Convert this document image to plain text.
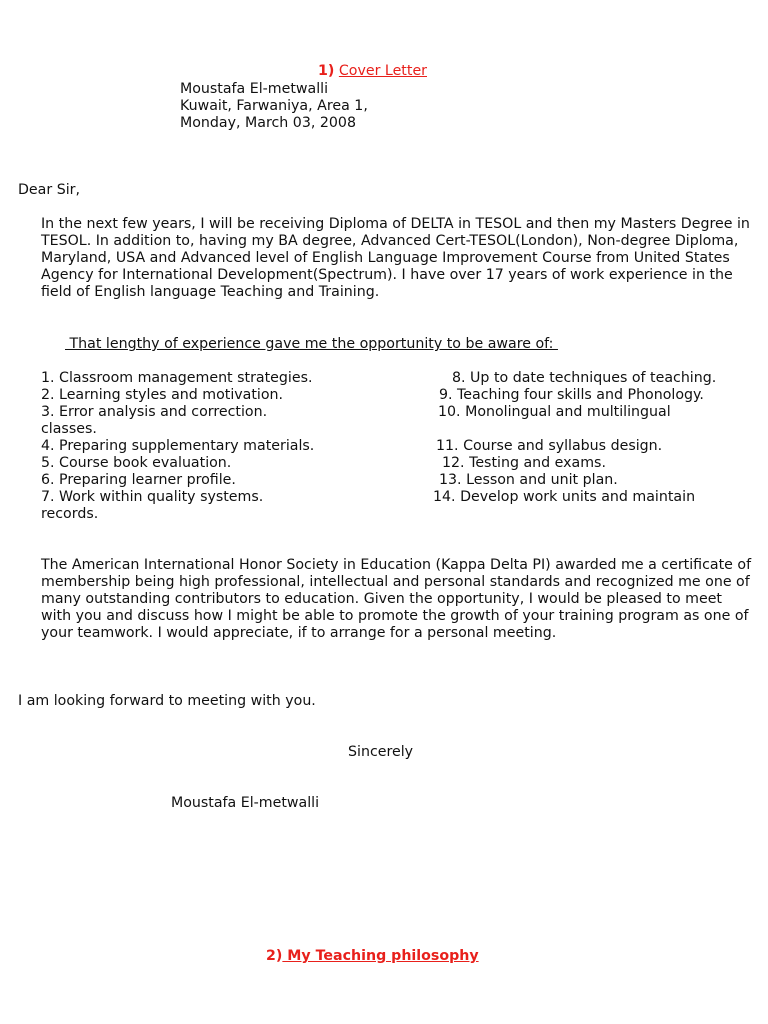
1) Cover Letter
Moustafa El-metwalli
Kuwait, Farwaniya, Area 1,
Monday, March 03, 2008
Dear Sir,
In the next few years, I will be receiving Diploma of DELTA in TESOL and then my Masters Degree in TESOL. In addition to, having my BA degree, Advanced Cert-TESOL(London), Non-degree Diploma, Maryland, USA and Advanced level of English Language Improvement Course from United States Agency for International Development(Spectrum). I have over 17 years of work experience in the field of English language Teaching and Training.
That lengthy of experience gave me the opportunity to be aware of:
1. Classroom management strategies.	8. Up to date techniques of teaching.
2. Learning styles and motivation.	9. Teaching four skills and Phonology.
3. Error analysis and correction.	10. Monolingual and multilingual
classes.
4. Preparing supplementary materials.	11. Course and syllabus design.
5. Course book evaluation.	12. Testing and exams.
6. Preparing learner profile.	13. Lesson and unit plan.
7. Work within quality systems.	14. Develop work units and maintain
records.
The American International Honor Society in Education (Kappa Delta PI) awarded me a certificate of membership being high professional, intellectual and personal standards and recognized me one of many outstanding contributors to education. Given the opportunity, I would be pleased to meet with you and discuss how I might be able to promote the growth of your training program as one of your teamwork. I would appreciate, if to arrange for a personal meeting.
I am looking forward to meeting with you.
Sincerely
Moustafa El-metwalli
2) My Teaching philosophy
